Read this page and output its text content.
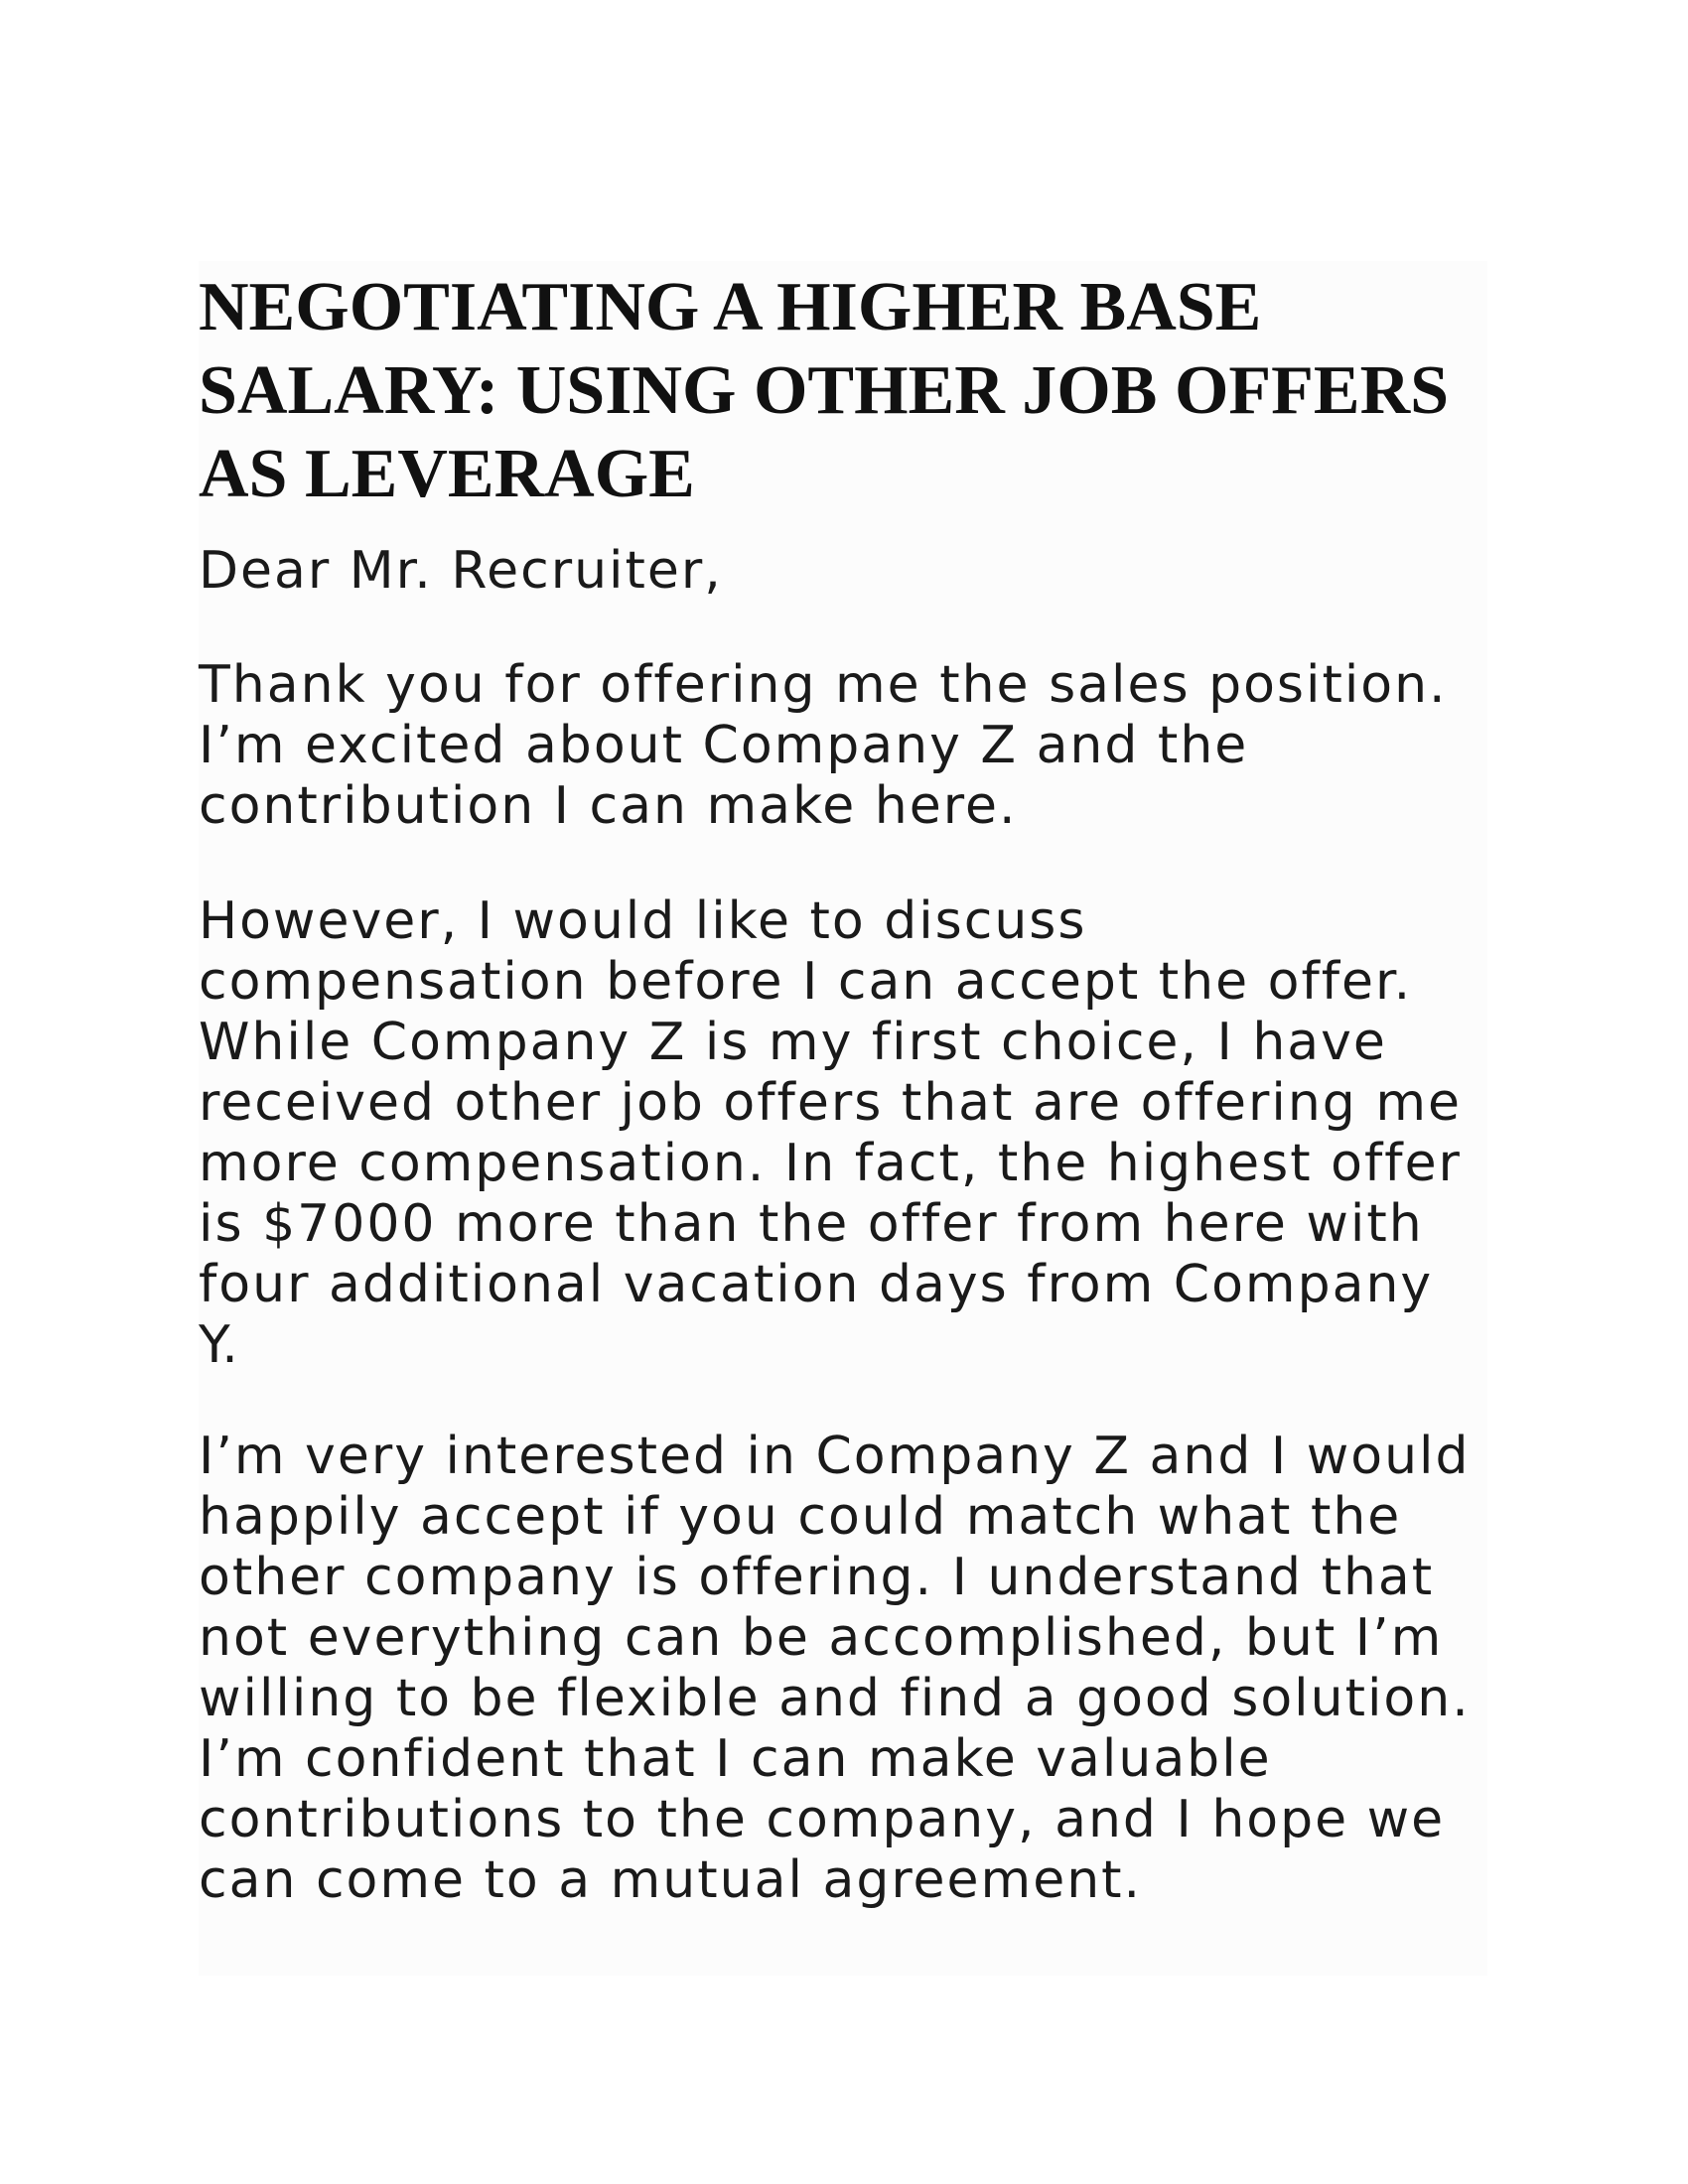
NEGOTIATING A HIGHER BASE SALARY: USING OTHER JOB OFFERS AS LEVERAGE

Dear Mr. Recruiter,

Thank you for offering me the sales position. I’m excited about Company Z and the contribution I can make here.

However, I would like to discuss compensation before I can accept the offer. While Company Z is my first choice, I have received other job offers that are offering me more compensation. In fact, the highest offer is $7000 more than the offer from here with four additional vacation days from Company Y.

I’m very interested in Company Z and I would happily accept if you could match what the other company is offering. I understand that not everything can be accomplished, but I’m willing to be flexible and find a good solution. I’m confident that I can make valuable contributions to the company, and I hope we can come to a mutual agreement.
